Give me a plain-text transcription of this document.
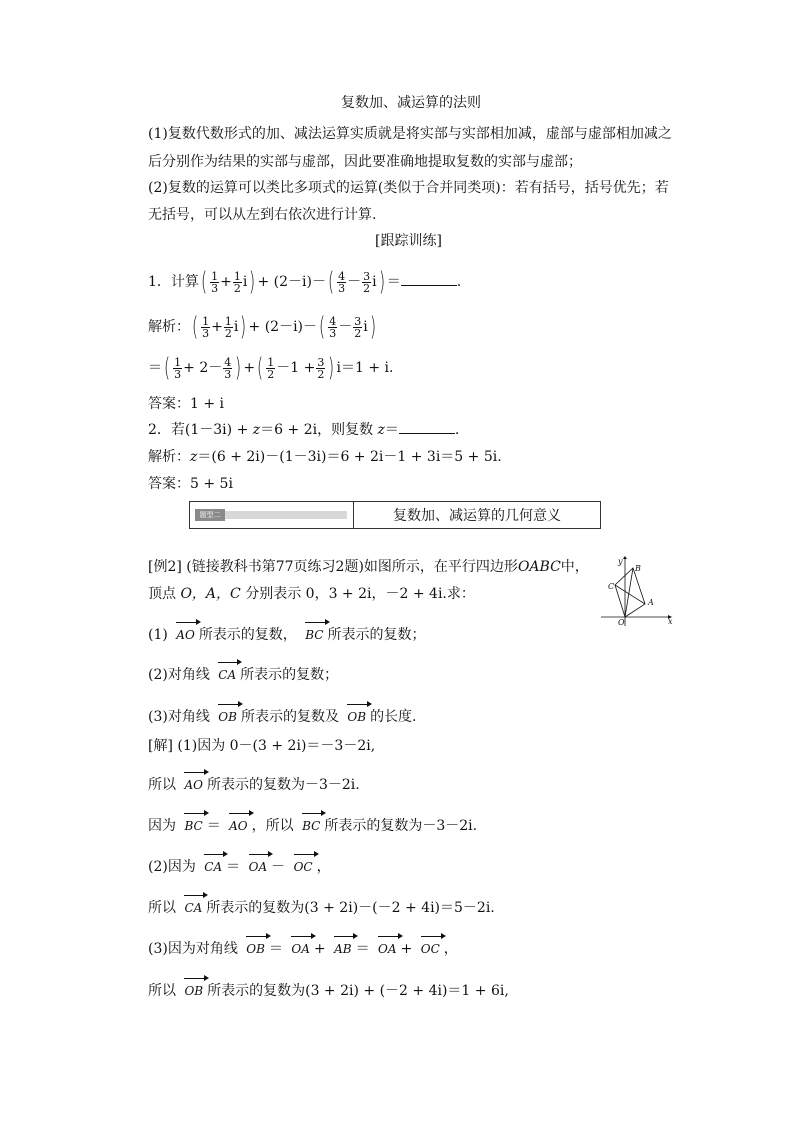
复数加、减运算的法则
(1)复数代数形式的加、减法运算实质就是将实部与实部相加减，虚部与虚部相加减之
后分别作为结果的实部与虚部，因此要准确地提取复数的实部与虚部；
(2)复数的运算可以类比多项式的运算(类似于合并同类项)：若有括号，括号优先；若
无括号，可以从左到右依次进行计算.
[跟踪训练]
1．计算( $\frac{1}{3} + \frac{1}{2} i) + (2-i)-( \frac{4}{3} - \frac{3}{2} i)$ ＝	.
解析：( $\frac{1}{3} + \frac{1}{2} i) + (2-i)-( \frac{4}{3} - \frac{3}{2} i)$
＝( $\frac{1}{3} + 2- \frac{4}{3}$ ) +( $\frac{1}{2} -1 + \frac{3}{2}$ ) i＝1 + i.
答案：1 + i
2．若(1－3i) + z＝6 + 2i，则复数 z＝	.
解析：z＝(6 + 2i)－(1－3i)＝6 + 2i－1 + 3i＝5 + 5i.
答案：5 + 5i
题型二	复数加、减运算的几何意义
[例2] (链接教科书第77页练习2题)如图所示，在平行四边形OABC中，
顶点 O，A，C 分别表示 0，3 + 2i，－2 + 4i.求：
(1) AO 所表示的复数， BC 所表示的复数；
(2)对角线 CA 所表示的复数；
(3)对角线 OB 所表示的复数及 OB 的长度.
y
x
O
A
B
C
[解] (1)因为 0－(3 + 2i)＝－3－2i,
所以 AO 所表示的复数为－3－2i.
因为 BC ＝ AO ，所以 BC 所表示的复数为－3－2i.
(2)因为 CA ＝ OA － OC ，
所以 CA 所表示的复数为(3 + 2i)－(－2 + 4i)＝5－2i.
(3)因为对角线 OB ＝ OA + AB ＝ OA + OC ，
所以 OB 所表示的复数为(3 + 2i) + (－2 + 4i)＝1 + 6i,
